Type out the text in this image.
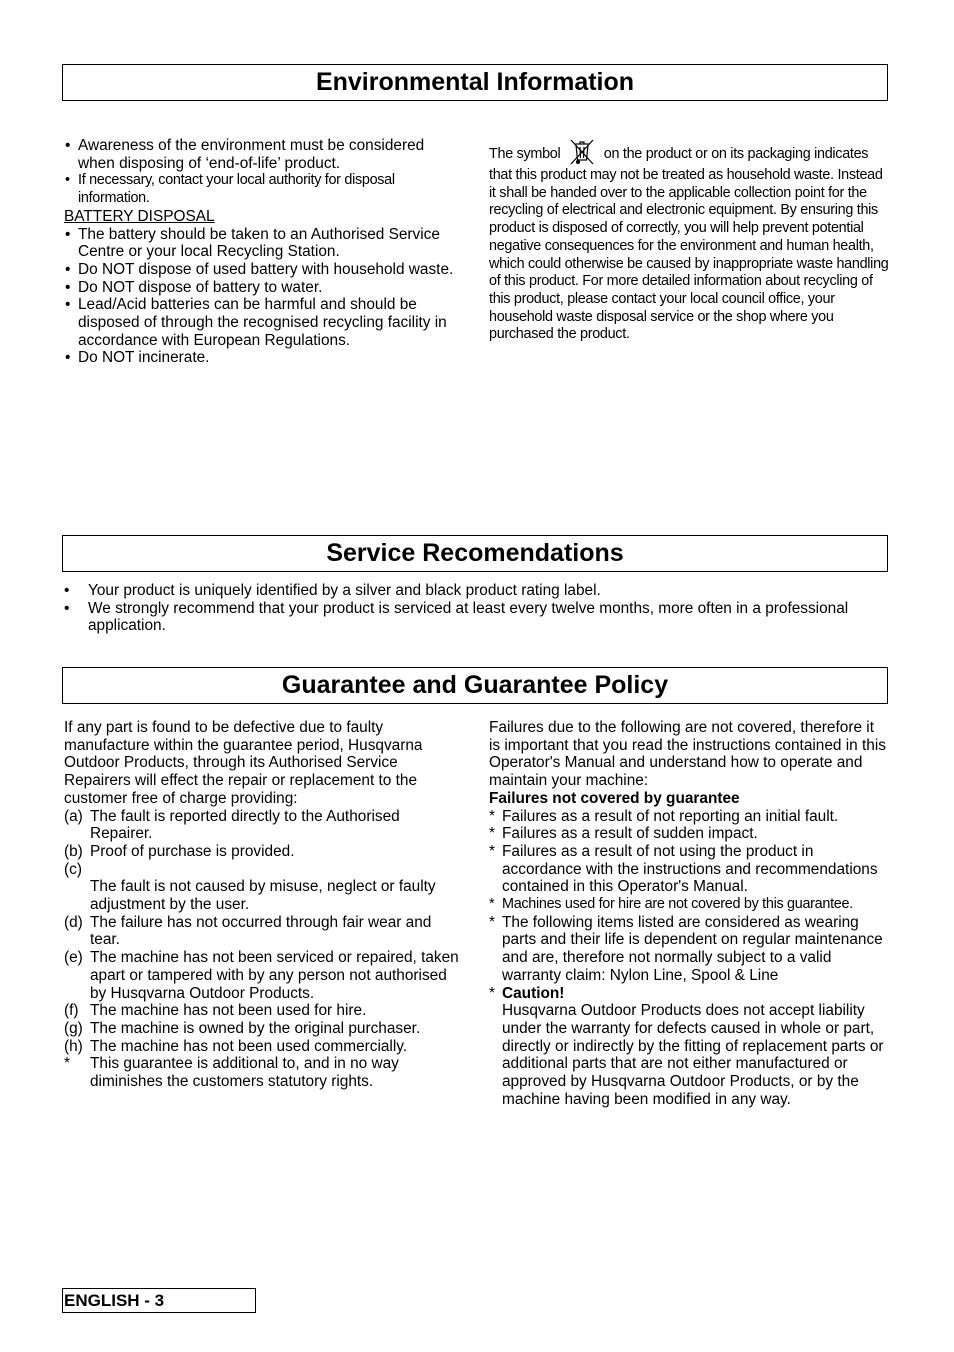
Environmental Information
• Awareness of the environment must be considered when disposing of ‘end-of-life’ product.
• If necessary, contact your local authority for disposal information.
BATTERY DISPOSAL
• The battery should be taken to an Authorised Service Centre or your local Recycling Station.
• Do NOT dispose of used battery with household waste.
• Do NOT dispose of battery to water.
• Lead/Acid batteries can be harmful and should be disposed of through the recognised recycling facility in accordance with European Regulations.
• Do NOT incinerate.
The symbol	on the product or on its packaging indicates that this product may not be treated as household waste. Instead it shall be handed over to the applicable collection point for the recycling of electrical and electronic equipment. By ensuring this product is disposed of correctly, you will help prevent potential negative consequences for the environment and human health, which could otherwise be caused by inappropriate waste handling of this product. For more detailed information about recycling of this product, please contact your local council office, your household waste disposal service or the shop where you purchased the product.
Service Recomendations
• Your product is uniquely identified by a silver and black product rating label.
• We strongly recommend that your product is serviced at least every twelve months, more often in a professional application.
Guarantee and Guarantee Policy
If any part is found to be defective due to faulty manufacture within the guarantee period, Husqvarna Outdoor Products, through its Authorised Service Repairers will effect the repair or replacement to the customer free of charge providing:
(a) The fault is reported directly to the Authorised Repairer.
(b) Proof of purchase is provided.
(c)
The fault is not caused by misuse, neglect or faulty adjustment by the user.
(d) The failure has not occurred through fair wear and tear.
(e) The machine has not been serviced or repaired, taken apart or tampered with by any person not authorised by Husqvarna Outdoor Products.
(f) The machine has not been used for hire.
(g) The machine is owned by the original purchaser.
(h) The machine has not been used commercially.
* This guarantee is additional to, and in no way diminishes the customers statutory rights.
Failures due to the following are not covered, therefore it is important that you read the instructions contained in this Operator's Manual and understand how to operate and maintain your machine:
Failures not covered by guarantee
* Failures as a result of not reporting an initial fault.
* Failures as a result of sudden impact.
* Failures as a result of not using the product in accordance with the instructions and recommendations contained in this Operator's Manual.
* Machines used for hire are not covered by this guarantee.
* The following items listed are considered as wearing parts and their life is dependent on regular maintenance and are, therefore not normally subject to a valid warranty claim: Nylon Line, Spool & Line
* Caution!
Husqvarna Outdoor Products does not accept liability under the warranty for defects caused in whole or part, directly or indirectly by the fitting of replacement parts or additional parts that are not either manufactured or approved by Husqvarna Outdoor Products, or by the machine having been modified in any way.
ENGLISH - 3
